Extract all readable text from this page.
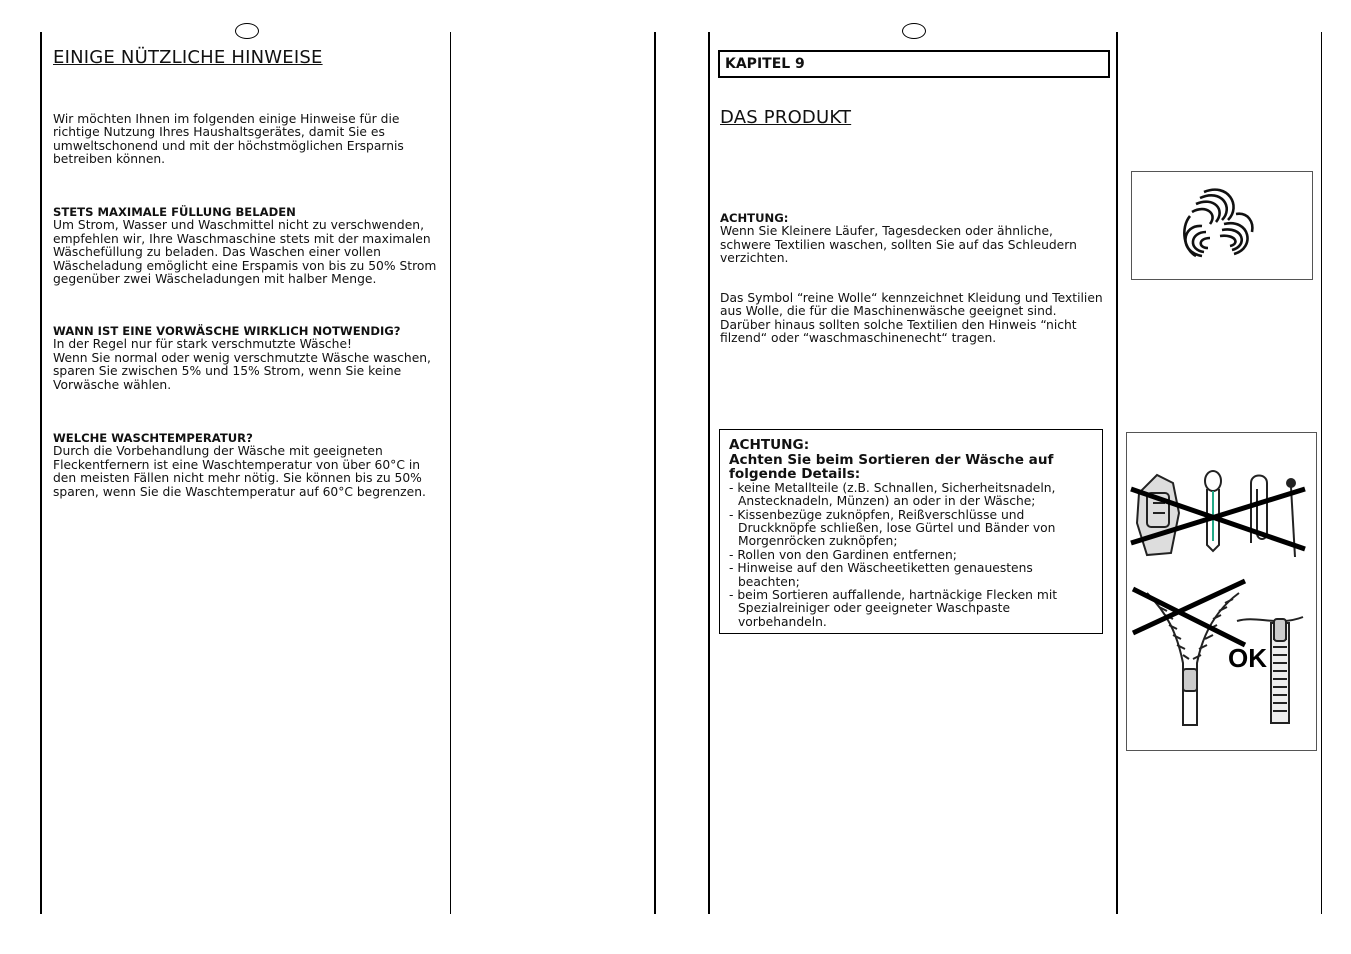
EINIGE NÜTZLICHE HINWEISE

Wir möchten Ihnen im folgenden einige Hinweise für die richtige Nutzung Ihres Haushaltsgerätes, damit Sie es umweltschonend und mit der höchstmöglichen Ersparnis betreiben können.

STETS MAXIMALE FÜLLUNG BELADEN

Um Strom, Wasser und Waschmittel nicht zu verschwenden, empfehlen wir, Ihre Waschmaschine stets mit der maximalen Wäschefüllung zu beladen. Das Waschen einer vollen Wäscheladung emöglicht eine Erspamis von bis zu 50% Strom gegenüber zwei Wäscheladungen mit halber Menge.

WANN IST EINE VORWÄSCHE WIRKLICH NOTWENDIG?

In der Regel nur für stark verschmutzte Wäsche!

Wenn Sie normal oder wenig verschmutzte Wäsche waschen, sparen Sie zwischen 5% und 15% Strom, wenn Sie keine Vorwäsche wählen.

WELCHE WASCHTEMPERATUR?

Durch die Vorbehandlung der Wäsche mit geeigneten Fleckentfernern ist eine Waschtemperatur von über 60°C in den meisten Fällen nicht mehr nötig. Sie können bis zu 50% sparen, wenn Sie die Waschtemperatur auf 60°C begrenzen.

KAPITEL 9
DAS PRODUKT

ACHTUNG:

Wenn Sie Kleinere Läufer, Tagesdecken oder ähnliche, schwere Textilien waschen, sollten Sie auf das Schleudern verzichten.

Das Symbol “reine Wolle“ kennzeichnet Kleidung und Textilien aus Wolle, die für die Maschinenwäsche geeignet sind. Darüber hinaus sollten solche Textilien den Hinweis “nicht filzend“ oder “waschmaschinenecht“ tragen.

ACHTUNG:
Achten Sie beim Sortieren der Wäsche auf folgende Details:
- keine Metallteile (z.B. Schnallen, Sicherheitsnadeln, Anstecknadeln, Münzen) an oder in der Wäsche;
- Kissenbezüge zuknöpfen, Reißverschlüsse und Druckknöpfe schließen, lose Gürtel und Bänder von Morgenröcken zuknöpfen;
- Rollen von den Gardinen entfernen;
- Hinweise auf den Wäscheetiketten genauestens beachten;
- beim Sortieren auffallende, hartnäckige Flecken mit Spezialreiniger oder geeigneter Waschpaste vorbehandeln.
OK
